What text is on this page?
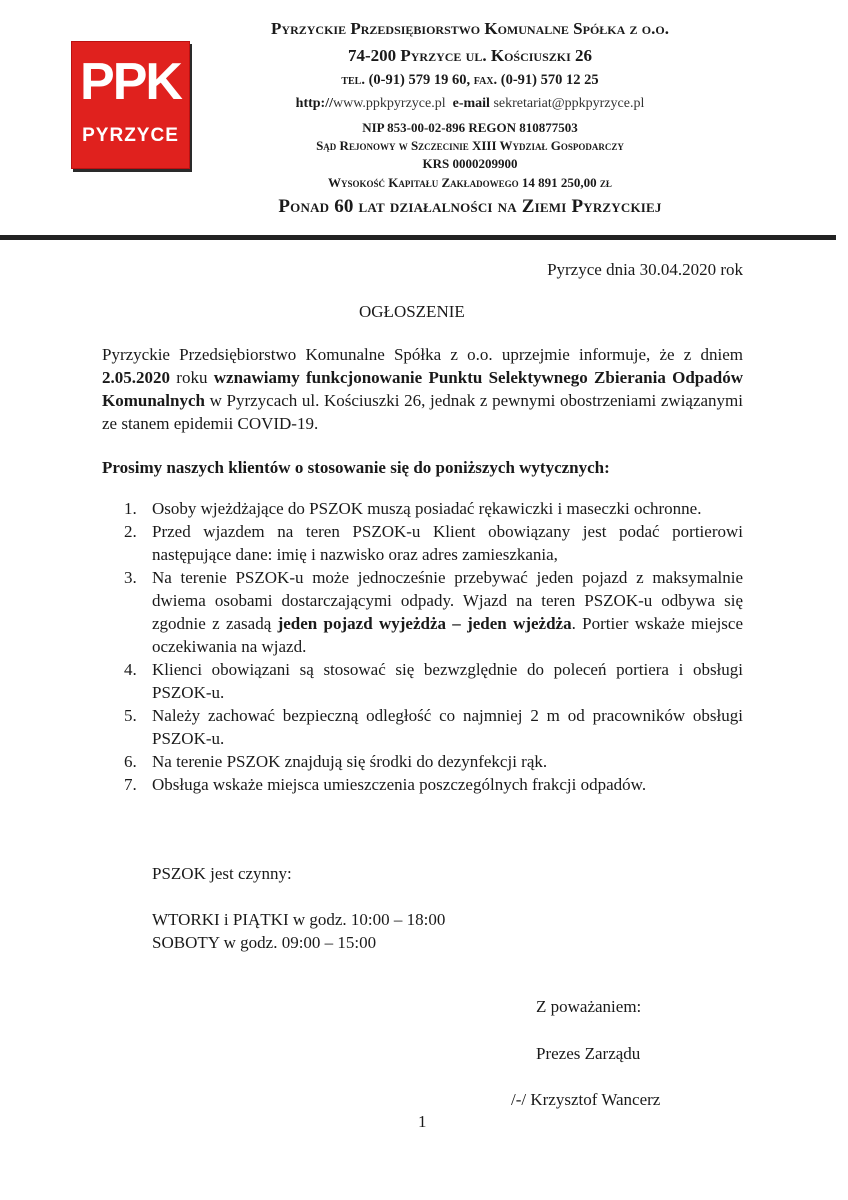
PPK
PYRZYCE
Pyrzyckie Przedsiębiorstwo Komunalne Spółka z o.o.
74-200 Pyrzyce ul. Kościuszki 26
tel. (0-91) 579 19 60, fax. (0-91) 570 12 25
http://www.ppkpyrzyce.pl e-mail sekretariat@ppkpyrzyce.pl
NIP 853-00-02-896 REGON 810877503
Sąd Rejonowy w Szczecinie XIII Wydział Gospodarczy
KRS 0000209900
Wysokość Kapitału Zakładowego 14 891 250,00 zł
Ponad 60 lat działalności na Ziemi Pyrzyckiej
Pyrzyce dnia 30.04.2020 rok
OGŁOSZENIE
Pyrzyckie Przedsiębiorstwo Komunalne Spółka z o.o. uprzejmie informuje, że z dniem 2.05.2020 roku wznawiamy funkcjonowanie Punktu Selektywnego Zbierania Odpadów Komunalnych w Pyrzycach ul. Kościuszki 26, jednak z pewnymi obostrzeniami związanymi ze stanem epidemii COVID-19.
Prosimy naszych klientów o stosowanie się do poniższych wytycznych:
1. Osoby wjeżdżające do PSZOK muszą posiadać rękawiczki i maseczki ochronne.
2. Przed wjazdem na teren PSZOK-u Klient obowiązany jest podać portierowi następujące dane: imię i nazwisko oraz adres zamieszkania,
3. Na terenie PSZOK-u może jednocześnie przebywać jeden pojazd z maksymalnie dwiema osobami dostarczającymi odpady. Wjazd na teren PSZOK-u odbywa się zgodnie z zasadą jeden pojazd wyjeżdża – jeden wjeżdża. Portier wskaże miejsce oczekiwania na wjazd.
4. Klienci obowiązani są stosować się bezwzględnie do poleceń portiera i obsługi PSZOK-u.
5. Należy zachować bezpieczną odległość co najmniej 2 m od pracowników obsługi PSZOK-u.
6. Na terenie PSZOK znajdują się środki do dezynfekcji rąk.
7. Obsługa wskaże miejsca umieszczenia poszczególnych frakcji odpadów.
PSZOK jest czynny:
WTORKI i PIĄTKI w godz. 10:00 – 18:00
SOBOTY w godz. 09:00 – 15:00
Z poważaniem:
Prezes Zarządu
/-/ Krzysztof Wancerz
1
